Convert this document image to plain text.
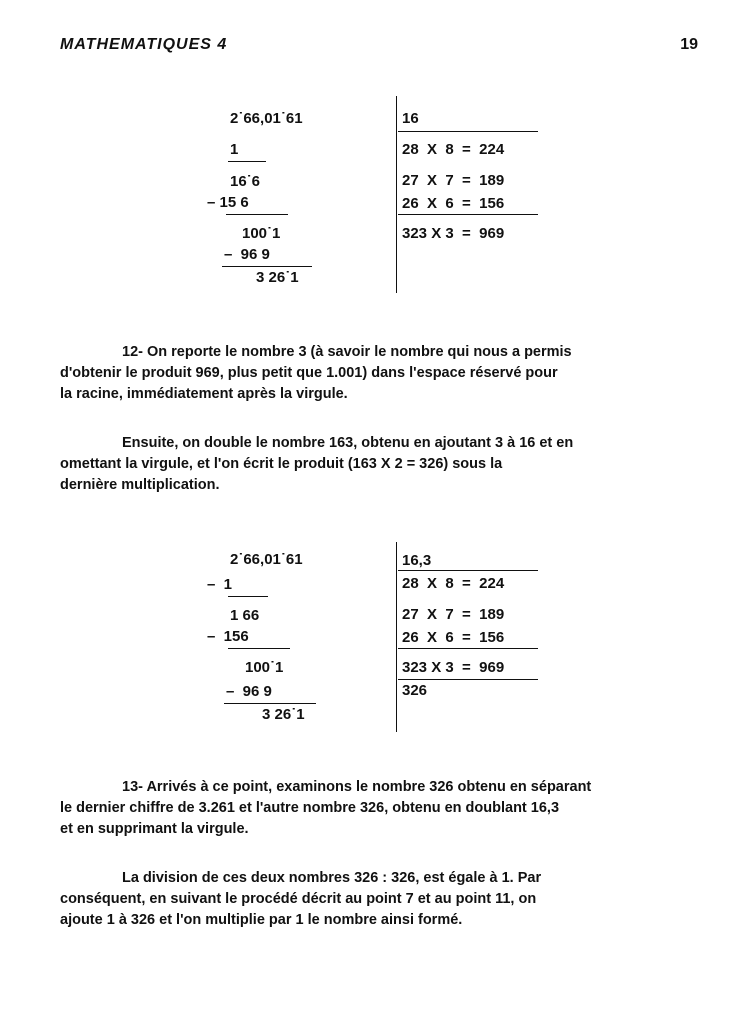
MATHEMATIQUES 4	19
2˙66,01˙61
1
16˙6
– 15 6
100˙1
–  96 9
3 26˙1
16
28  X  8  =  224
27  X  7  =  189
26  X  6  =  156
323 X 3  =  969
12- On reporte le nombre 3 (à savoir le nombre qui nous a permis
d'obtenir le produit 969, plus petit que 1.001) dans l'espace réservé pour
la racine, immédiatement après la virgule.
Ensuite, on double le nombre 163, obtenu en ajoutant 3 à 16 et en
omettant la virgule, et l'on écrit le produit (163 X 2 = 326) sous la
dernière multiplication.
2˙66,01˙61
–  1
1 66
–  156
100˙1
–  96 9
3 26˙1
16,3
28  X  8  =  224
27  X  7  =  189
26  X  6  =  156
323 X 3  =  969
326
13- Arrivés à ce point, examinons le nombre 326 obtenu en séparant
le dernier chiffre de 3.261 et l'autre nombre 326, obtenu en doublant 16,3
et en supprimant la virgule.
La division de ces deux nombres 326 : 326, est égale à 1. Par
conséquent, en suivant le procédé décrit au point 7 et au point 11, on
ajoute 1 à 326 et l'on multiplie par 1 le nombre ainsi formé.
